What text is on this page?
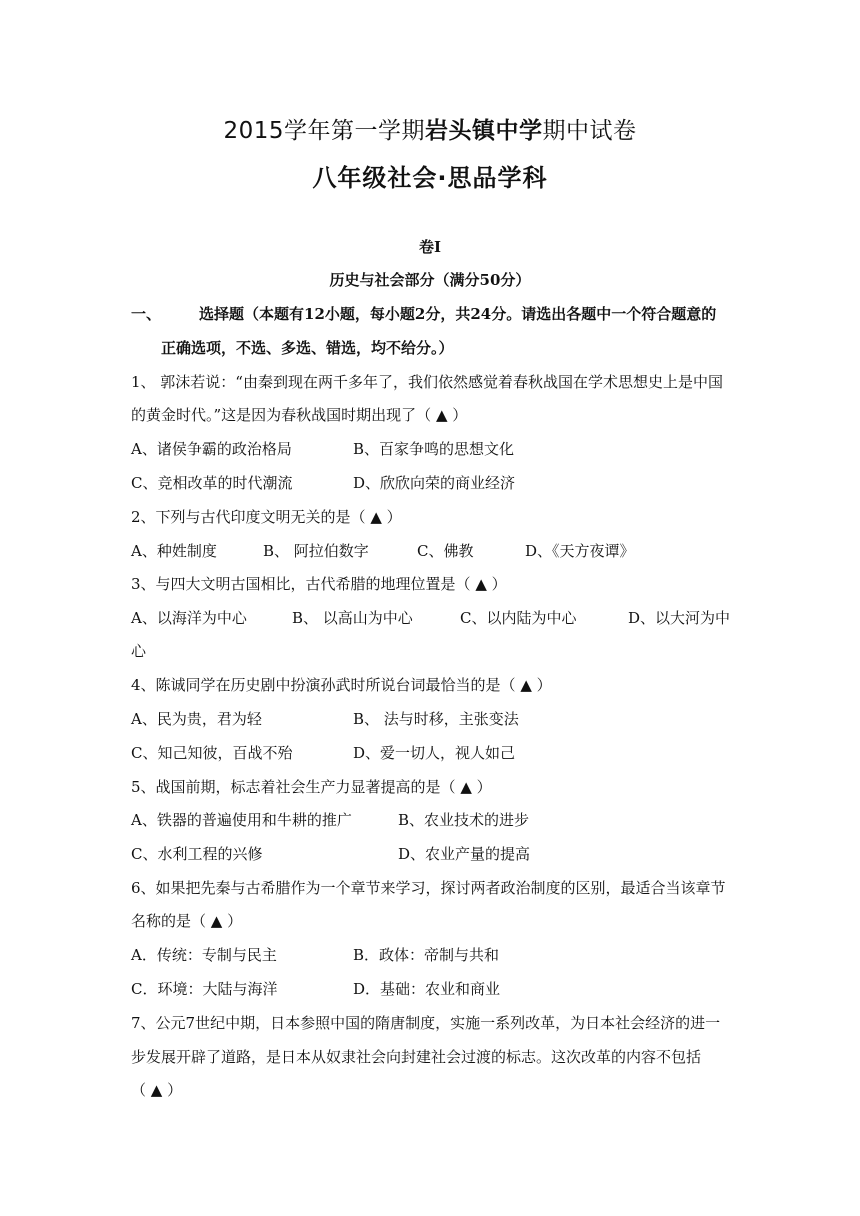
2015学年第一学期岩头镇中学期中试卷
八年级社会·思品学科
卷I
历史与社会部分（满分50分）
一、	选择题（本题有12小题，每小题2分，共24分。请选出各题中一个符合题意的
正确选项，不选、多选、错选，均不给分。）
1、 郭沫若说：“由秦到现在两千多年了，我们依然感觉着春秋战国在学术思想史上是中国
的黄金时代。”这是因为春秋战国时期出现了（ ▲ ）
A、诸侯争霸的政治格局	B、百家争鸣的思想文化
C、竞相改革的时代潮流	D、欣欣向荣的商业经济
2、下列与古代印度文明无关的是（ ▲ ）
A、种姓制度	B、 阿拉伯数字	C、佛教	D、《天方夜谭》
3、与四大文明古国相比，古代希腊的地理位置是（ ▲ ）
A、以海洋为中心	B、 以高山为中心	C、以内陆为中心	D、以大河为中
心
4、陈诚同学在历史剧中扮演孙武时所说台词最恰当的是（ ▲ ）
A、民为贵，君为轻	B、 法与时移，主张变法
C、知己知彼，百战不殆	D、爱一切人，视人如己
5、战国前期，标志着社会生产力显著提高的是（ ▲ ）
A、铁器的普遍使用和牛耕的推广	B、农业技术的进步
C、水利工程的兴修	D、农业产量的提高
6、如果把先秦与古希腊作为一个章节来学习，探讨两者政治制度的区别，最适合当该章节
名称的是（ ▲ ）
A．传统：专制与民主	B．政体：帝制与共和
C．环境：大陆与海洋	D．基础：农业和商业
7、公元7世纪中期，日本参照中国的隋唐制度，实施一系列改革，为日本社会经济的进一
步发展开辟了道路，是日本从奴隶社会向封建社会过渡的标志。这次改革的内容不包括
（ ▲ ）
